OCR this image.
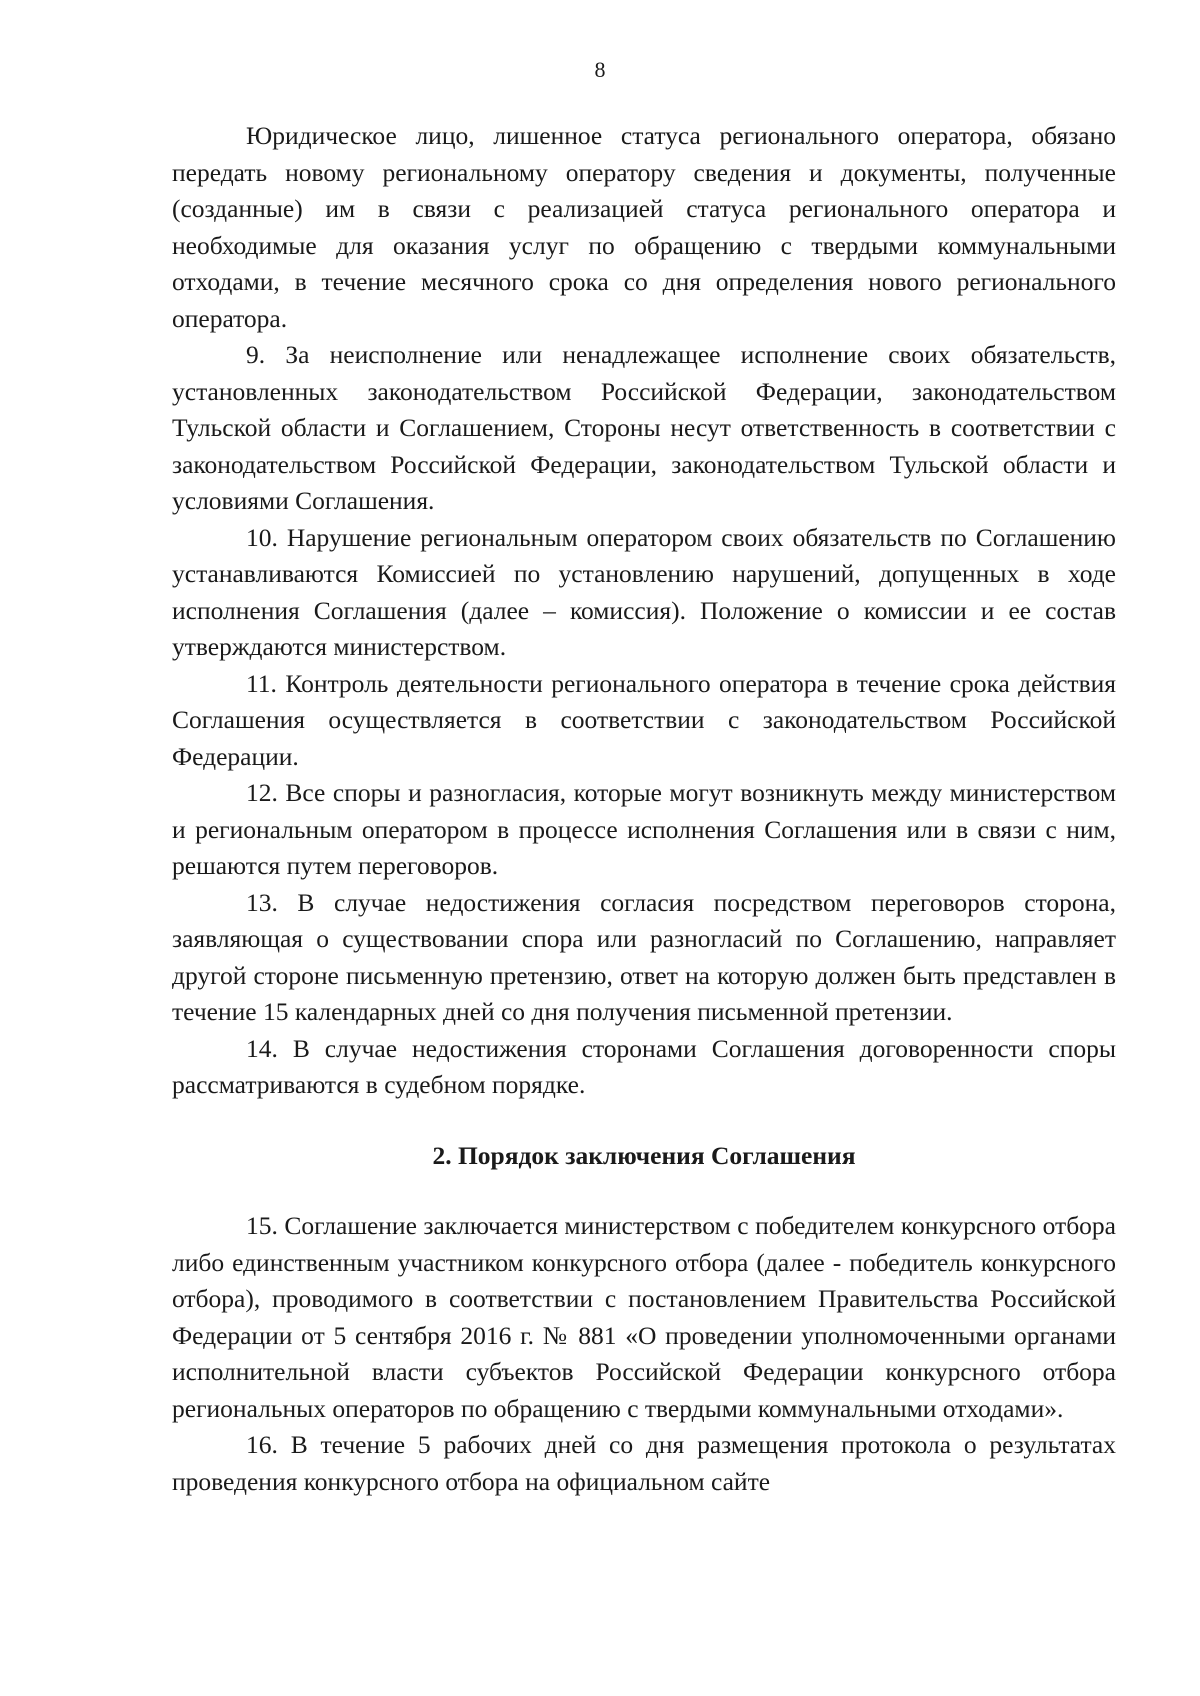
8

Юридическое лицо, лишенное статуса регионального оператора, обязано передать новому региональному оператору сведения и документы, полученные (созданные) им в связи с реализацией статуса регионального оператора и необходимые для оказания услуг по обращению с твердыми коммунальными отходами, в течение месячного срока со дня определения нового регионального оператора.

9. За неисполнение или ненадлежащее исполнение своих обязательств, установленных законодательством Российской Федерации, законодательством Тульской области и Соглашением, Стороны несут ответственность в соответствии с законодательством Российской Федерации, законодательством Тульской области и условиями Соглашения.

10. Нарушение региональным оператором своих обязательств по Соглашению устанавливаются Комиссией по установлению нарушений, допущенных в ходе исполнения Соглашения (далее – комиссия). Положение о комиссии и ее состав утверждаются министерством.

11. Контроль деятельности регионального оператора в течение срока действия Соглашения осуществляется в соответствии с законодательством Российской Федерации.

12. Все споры и разногласия, которые могут возникнуть между министерством и региональным оператором в процессе исполнения Соглашения или в связи с ним, решаются путем переговоров.

13. В случае недостижения согласия посредством переговоров сторона, заявляющая о существовании спора или разногласий по Соглашению, направляет другой стороне письменную претензию, ответ на которую должен быть представлен в течение 15 календарных дней со дня получения письменной претензии.

14. В случае недостижения сторонами Соглашения договоренности споры рассматриваются в судебном порядке.

2. Порядок заключения Соглашения

15. Соглашение заключается министерством с победителем конкурсного отбора либо единственным участником конкурсного отбора (далее - победитель конкурсного отбора), проводимого в соответствии с постановлением Правительства Российской Федерации от 5 сентября 2016 г. № 881 «О проведении уполномоченными органами исполнительной власти субъектов Российской Федерации конкурсного отбора региональных операторов по обращению с твердыми коммунальными отходами».

16. В течение 5 рабочих дней со дня размещения протокола о результатах проведения конкурсного отбора на официальном сайте
